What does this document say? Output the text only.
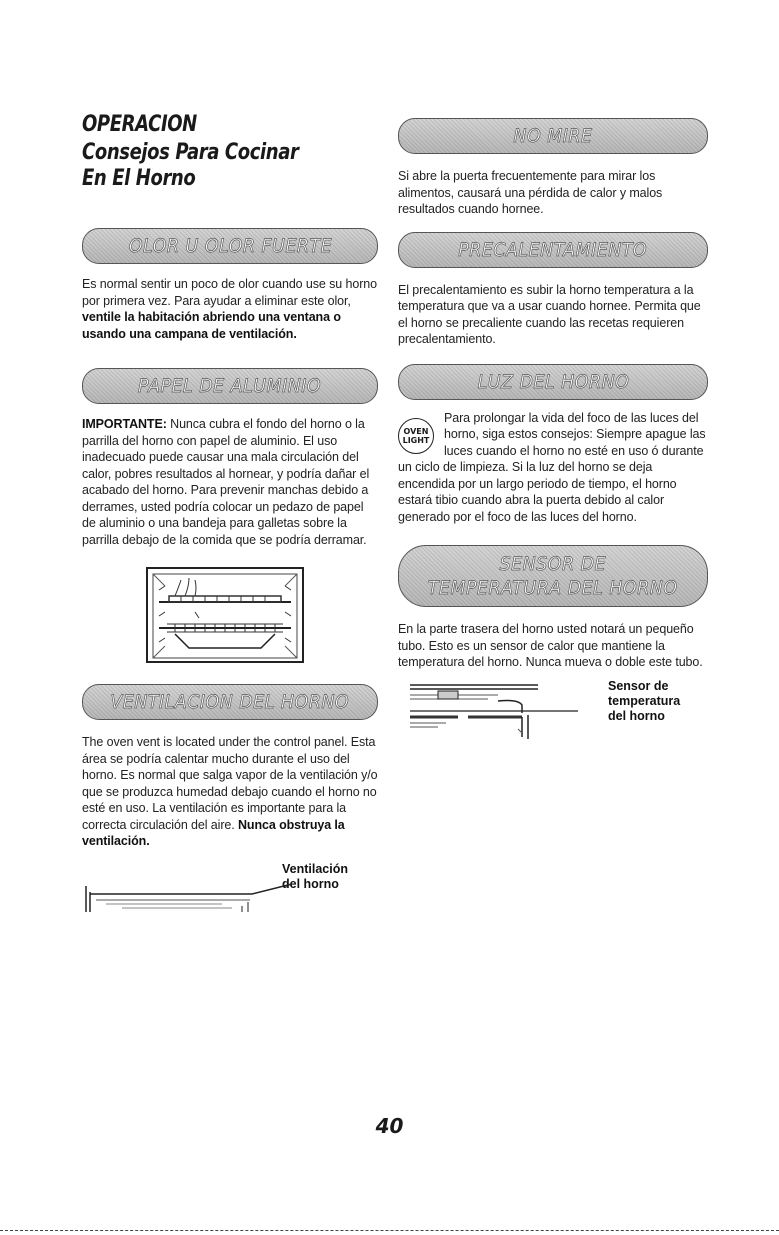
OPERACION
Consejos Para Cocinar
En El Horno
OLOR U OLOR FUERTE

Es normal sentir un poco de olor cuando use su horno por primera vez. Para ayudar a eliminar este olor, ventile la habitación abriendo una ventana o usando una campana de ventilación.

PAPEL DE ALUMINIO

IMPORTANTE: Nunca cubra el fondo del horno o la parrilla del horno con papel de aluminio. El uso inadecuado puede causar una mala circulación del calor, pobres resultados al hornear, y podría dañar el acabado del horno. Para prevenir manchas debido a derrames, usted podría colocar un pedazo de papel de aluminio o una bandeja para galletas sobre la parrilla debajo de la comida que se podría derramar.

VENTILACION DEL HORNO

The oven vent is located under the control panel. Esta área se podría calentar mucho durante el uso del horno. Es normal que salga vapor de la ventilación y/o que se produzca humedad debajo cuando el horno no esté en uso. La ventilación es importante para la correcta circulación del aire. Nunca obstruya la ventilación.

Ventilación
del horno
NO MIRE

Si abre la puerta frecuentemente para mirar los alimentos, causará una pérdida de calor y malos resultados cuando hornee.

PRECALENTAMIENTO

El precalentamiento es subir la horno temperatura a la temperatura que va a usar cuando hornee. Permita que el horno se precaliente cuando las recetas requieren precalentamiento.

LUZ DEL HORNO
OVEN
LIGHT

Para prolongar la vida del foco de las luces del horno, siga estos consejos: Siempre apague las luces cuando el horno no esté en uso ó durante un ciclo de limpieza. Si la luz del horno se deja encendida por un largo periodo de tiempo, el horno estará tibio cuando abra la puerta debido al calor generado por el foco de las luces del horno.

SENSOR DE
TEMPERATURA DEL HORNO

En la parte trasera del horno usted notará un pequeño tubo. Esto es un sensor de calor que mantiene la temperatura del horno. Nunca mueva o doble este tubo.

Sensor de
temperatura
del horno
40
